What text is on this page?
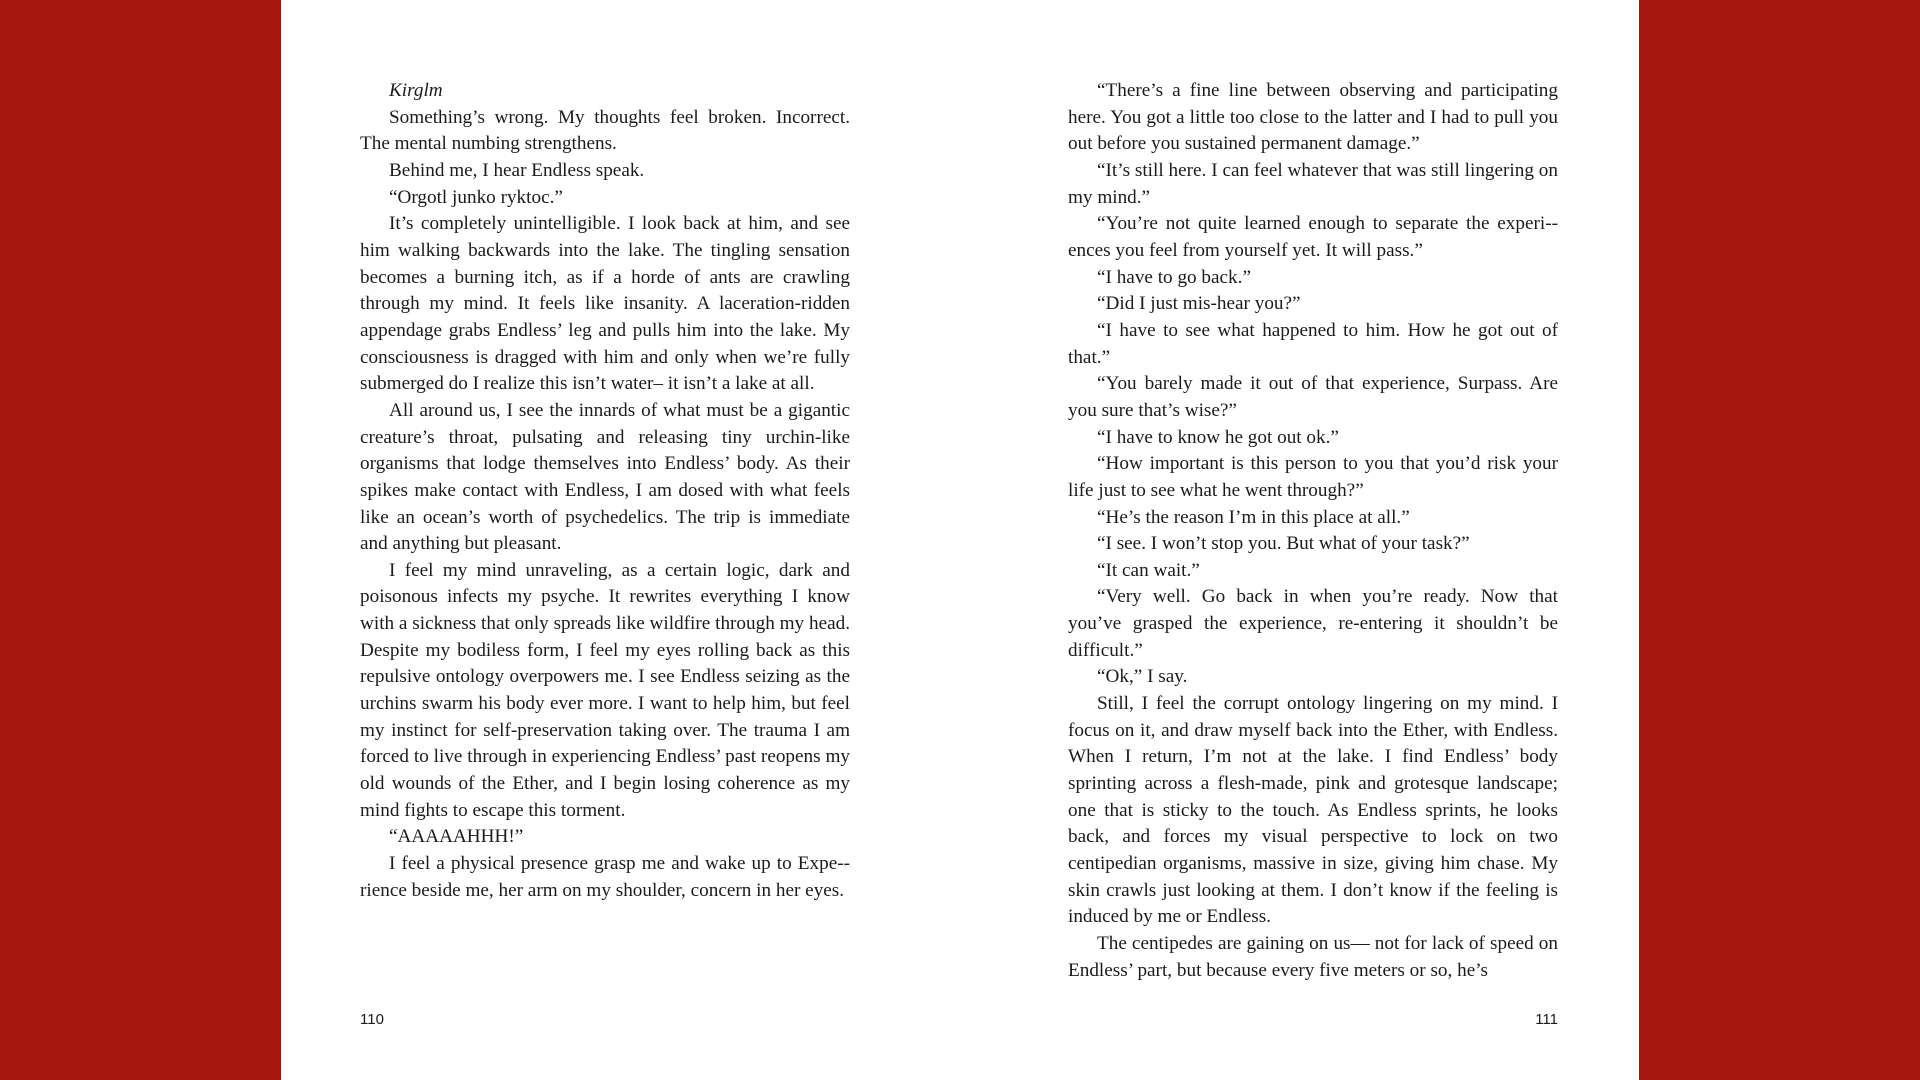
Kirglm

Something’s wrong. My thoughts feel broken. Incorrect. The mental numbing strengthens.

Behind me, I hear Endless speak.

“Orgotl junko ryktoc.”

It’s completely unintelligible. I look back at him, and see him walking backwards into the lake. The tingling sensation becomes a burning itch, as if a horde of ants are crawling through my mind. It feels like insanity. A laceration-ridden appendage grabs Endless’ leg and pulls him into the lake. My consciousness is dragged with him and only when we’re fully submerged do I realize this isn’t water– it isn’t a lake at all.

All around us, I see the innards of what must be a gigantic creature’s throat, pulsating and releasing tiny urchin-like organisms that lodge themselves into Endless’ body. As their spikes make contact with Endless, I am dosed with what feels like an ocean’s worth of psychedelics. The trip is immediate and anything but pleasant.

I feel my mind unraveling, as a certain logic, dark and poisonous infects my psyche. It rewrites everything I know with a sickness that only spreads like wildfire through my head. Despite my bodiless form, I feel my eyes rolling back as this repulsive ontology overpowers me. I see Endless seizing as the urchins swarm his body ever more. I want to help him, but feel my instinct for self-preservation taking over. The trauma I am forced to live through in experiencing Endless’ past reopens my old wounds of the Ether, and I begin losing coherence as my mind fights to escape this torment.

“AAAAAHHH!”

I feel a physical presence grasp me and wake up to Expe-rience beside me, her arm on my shoulder, concern in her eyes.

“There’s a fine line between observing and participating here. You got a little too close to the latter and I had to pull you out before you sustained permanent damage.”

“It’s still here. I can feel whatever that was still lingering on my mind.”

“You’re not quite learned enough to separate the experi-ences you feel from yourself yet. It will pass.”

“I have to go back.”

“Did I just mis-hear you?”

“I have to see what happened to him. How he got out of that.”

“You barely made it out of that experience, Surpass. Are you sure that’s wise?”

“I have to know he got out ok.”

“How important is this person to you that you’d risk your life just to see what he went through?”

“He’s the reason I’m in this place at all.”

“I see. I won’t stop you. But what of your task?”

“It can wait.”

“Very well. Go back in when you’re ready. Now that you’ve grasped the experience, re-entering it shouldn’t be difficult.”

“Ok,” I say.

Still, I feel the corrupt ontology lingering on my mind. I focus on it, and draw myself back into the Ether, with Endless. When I return, I’m not at the lake. I find Endless’ body sprinting across a flesh-made, pink and grotesque landscape; one that is sticky to the touch. As Endless sprints, he looks back, and forces my visual perspective to lock on two centipedian organisms, massive in size, giving him chase. My skin crawls just looking at them. I don’t know if the feeling is induced by me or Endless.

The centipedes are gaining on us— not for lack of speed on Endless’ part, but because every five meters or so, he’s

110	111
